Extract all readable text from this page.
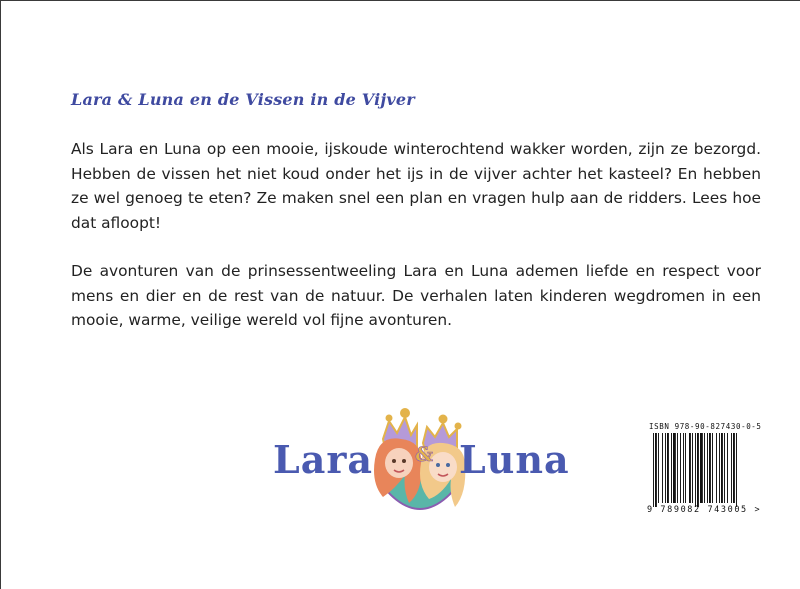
Lara & Luna en de Vissen in de Vijver

Als Lara en Luna op een mooie, ijskoude winterochtend wakker worden, zijn ze bezorgd. Hebben de vissen het niet koud onder het ijs in de vijver achter het kasteel? En hebben ze wel genoeg te eten? Ze maken snel een plan en vragen hulp aan de ridders. Lees hoe dat afloopt!

De avonturen van de prinsessentweeling Lara en Luna ademen liefde en respect voor mens en dier en de rest van de natuur. De verhalen laten kinderen wegdromen in een mooie, warme, veilige wereld vol fijne avonturen.

Lara & Luna
ISBN 978-90-827430-0-5
9 789082 743005 >
